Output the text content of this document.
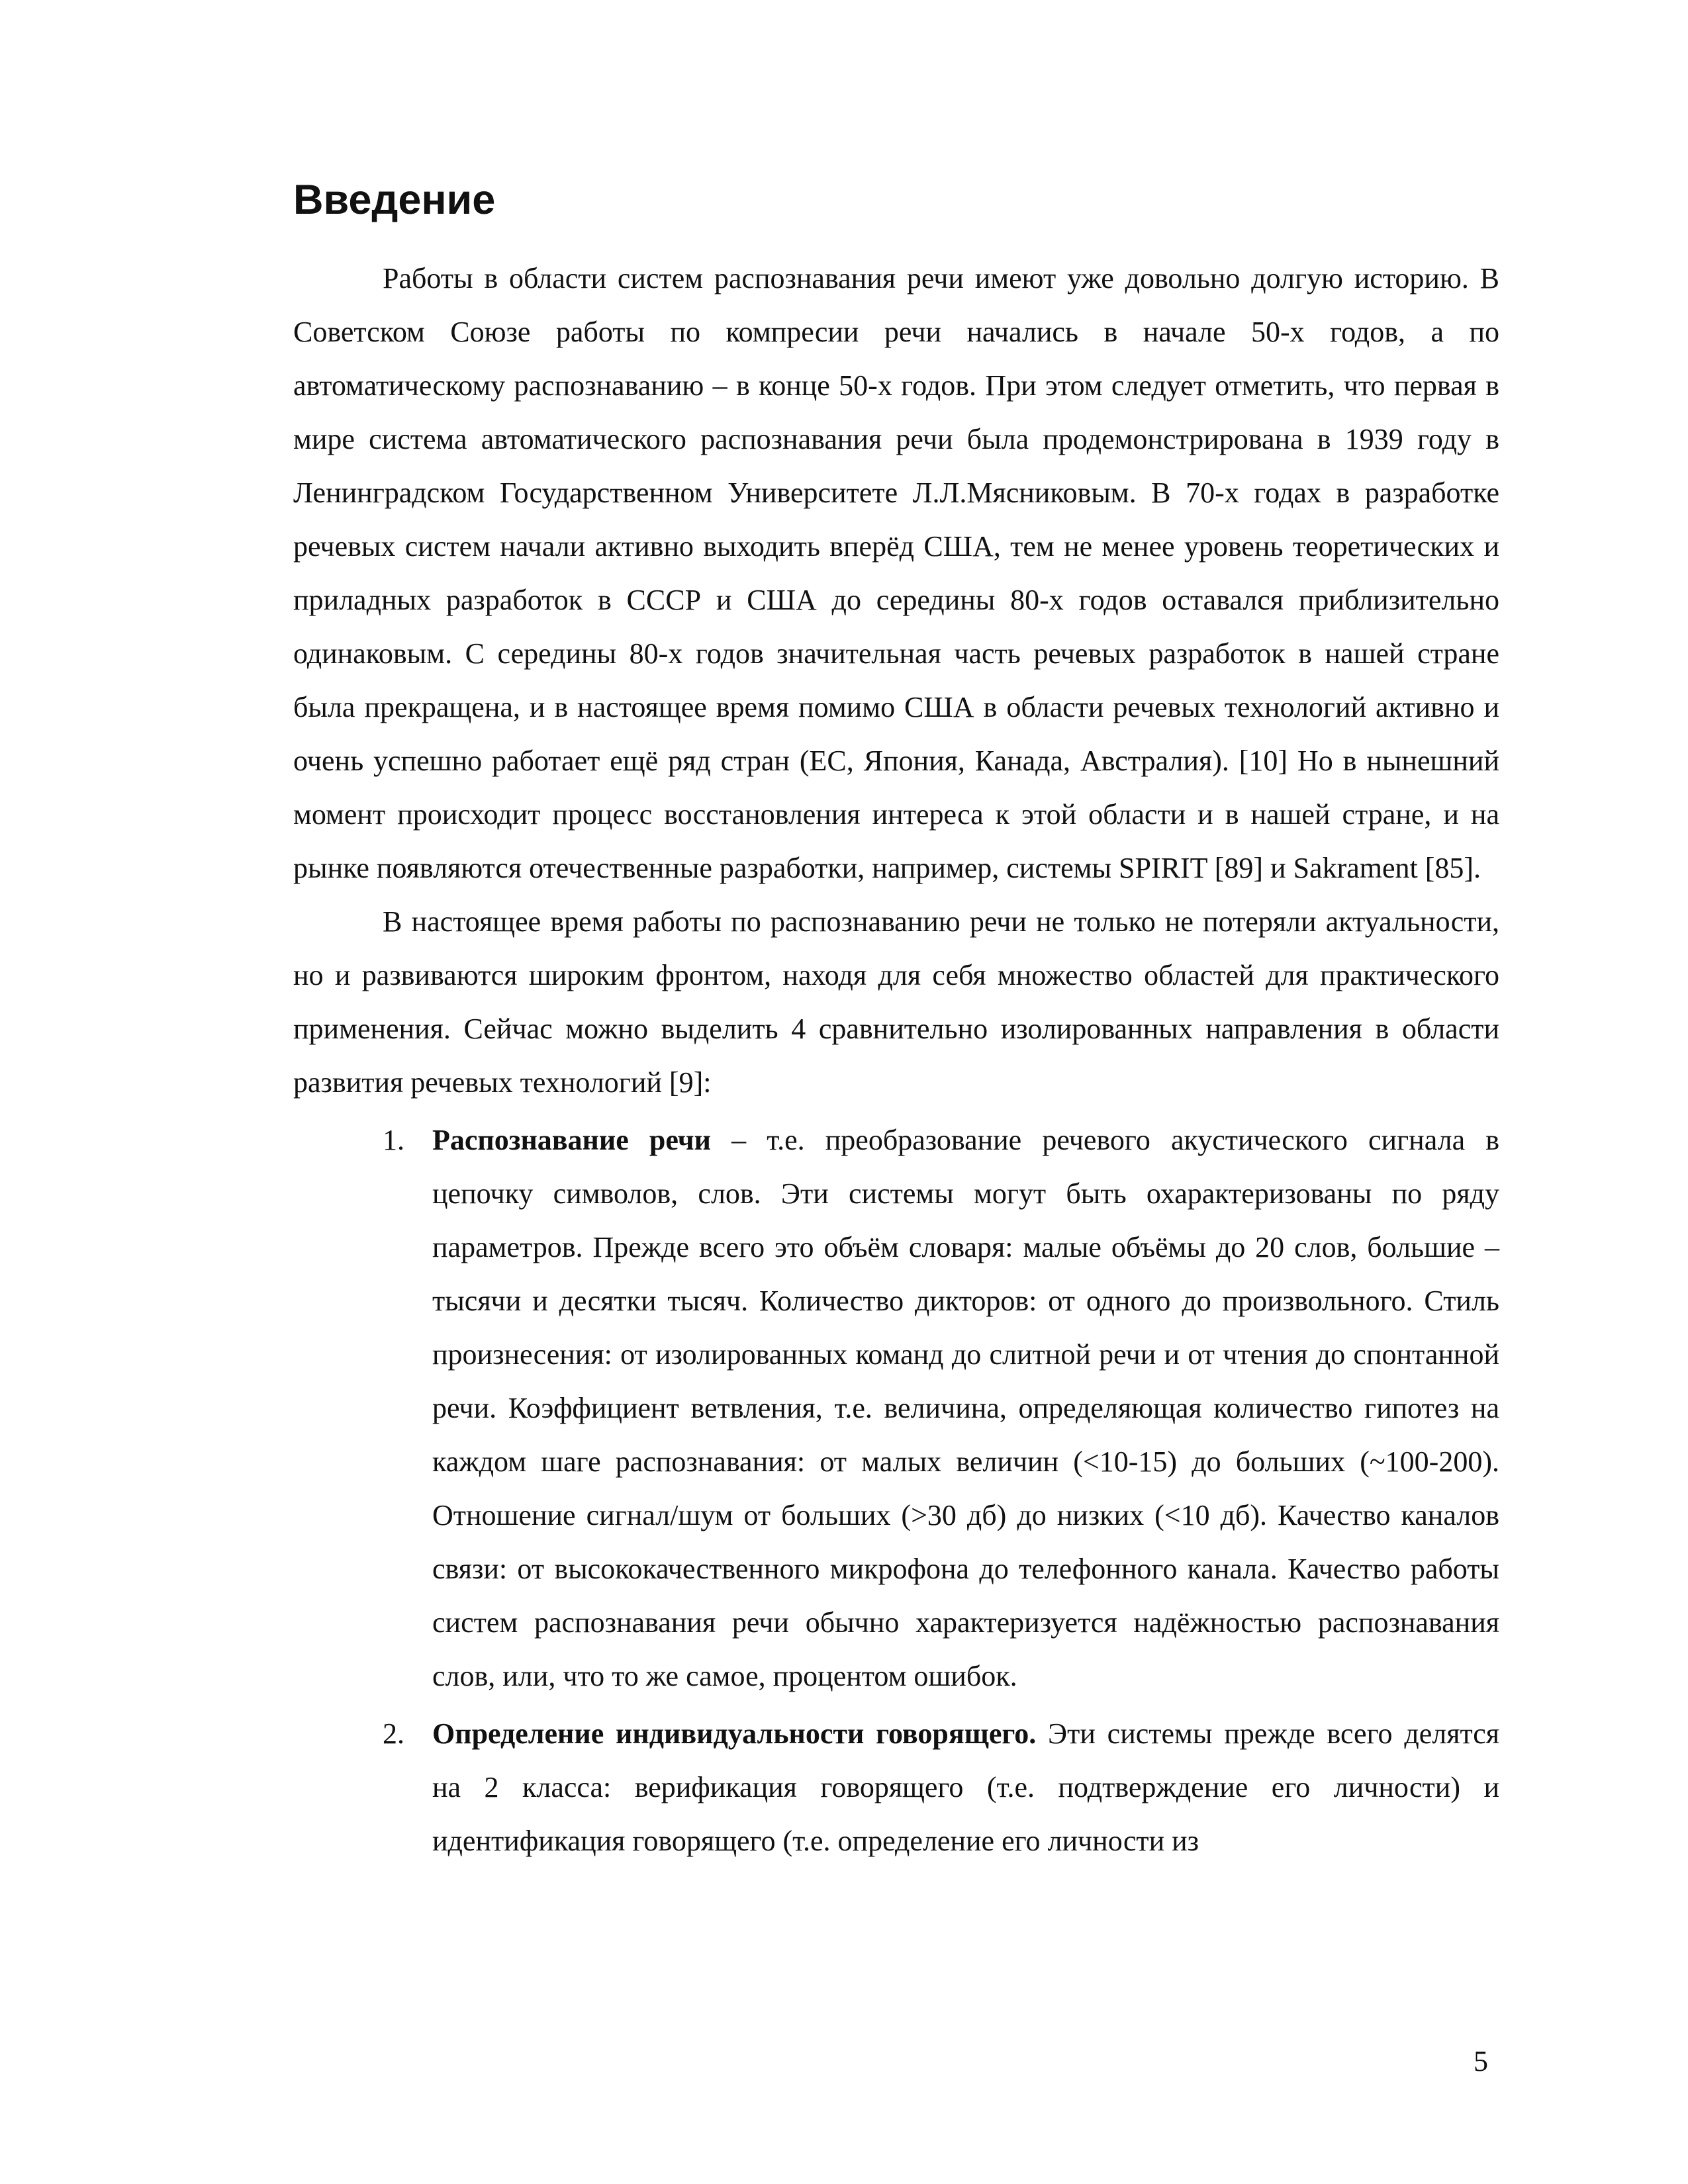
Введение

Работы в области систем распознавания речи имеют уже довольно долгую историю. В Советском Союзе работы по компресии речи начались в начале 50-х годов, а по автоматическому распознаванию – в конце 50-х годов. При этом следует отметить, что первая в мире система автоматического распознавания речи была продемонстрирована в 1939 году в Ленинградском Государственном Университете Л.Л.Мясниковым. В 70-х годах в разработке речевых систем начали активно выходить вперёд США, тем не менее уровень теоретических и приладных разработок в СССР и США до середины 80-х годов оставался приблизительно одинаковым. С середины 80-х годов значительная часть речевых разработок в нашей стране была прекращена, и в настоящее время помимо США в области речевых технологий активно и очень успешно работает ещё ряд стран (ЕС, Япония, Канада, Австралия). [10] Но в нынешний момент происходит процесс восстановления интереса к этой области и в нашей стране, и на рынке появляются отечественные разработки, например, системы SPIRIT [89] и Sakrament [85].

В настоящее время работы по распознаванию речи не только не потеряли актуальности, но и развиваются широким фронтом, находя для себя множество областей для практического применения. Сейчас можно выделить 4 сравнительно изолированных направления в области развития речевых технологий [9]:

1. Распознавание речи – т.е. преобразование речевого акустического сигнала в цепочку символов, слов. Эти системы могут быть охарактеризованы по ряду параметров. Прежде всего это объём словаря: малые объёмы до 20 слов, большие – тысячи и десятки тысяч. Количество дикторов: от одного до произвольного. Стиль произнесения: от изолированных команд до слитной речи и от чтения до спонтанной речи. Коэффициент ветвления, т.е. величина, определяющая количество гипотез на каждом шаге распознавания: от малых величин (<10-15) до больших (~100-200). Отношение сигнал/шум от больших (>30 дб) до низких (<10 дб). Качество каналов связи: от высококачественного микрофона до телефонного канала. Качество работы систем распознавания речи обычно характеризуется надёжностью распознавания слов, или, что то же самое, процентом ошибок.

2. Определение индивидуальности говорящего. Эти системы прежде всего делятся на 2 класса: верификация говорящего (т.е. подтверждение его личности) и идентификация говорящего (т.е. определение его личности из

5
